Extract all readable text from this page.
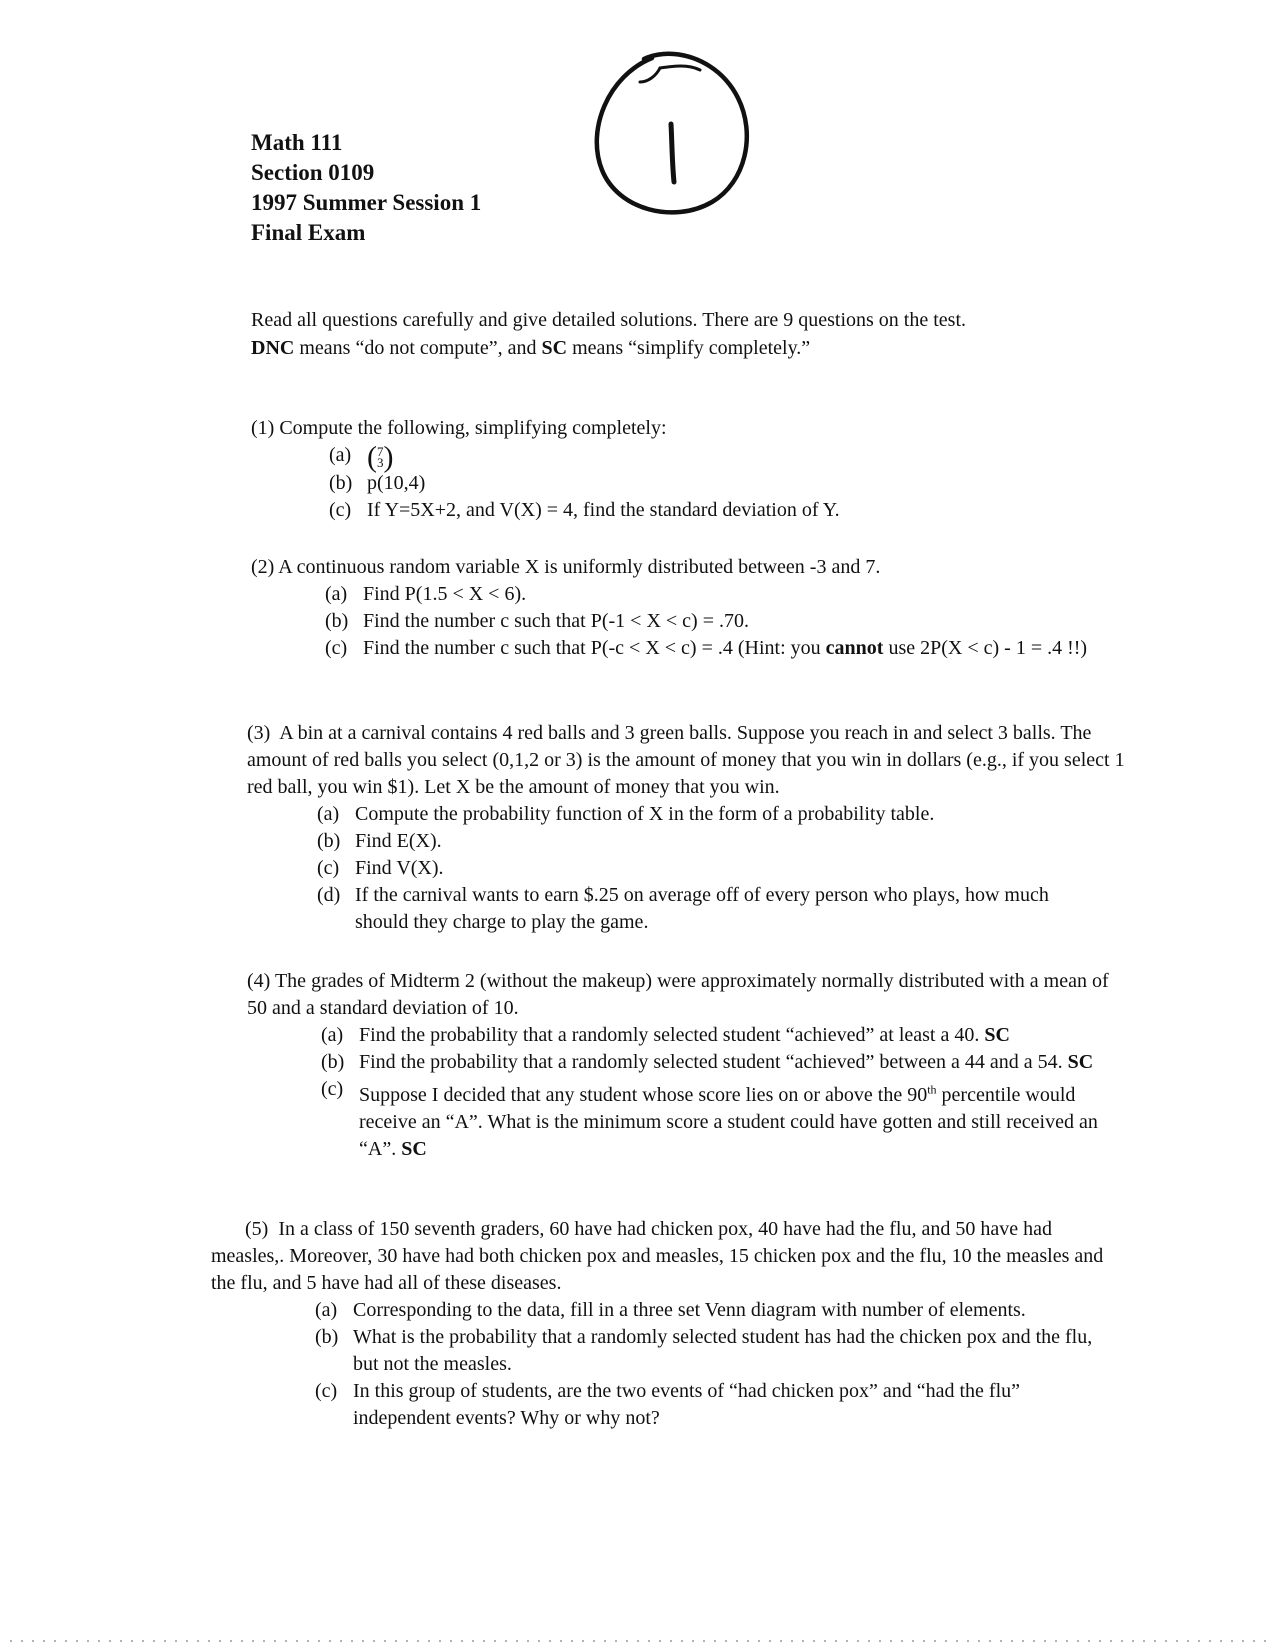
Math 111
Section 0109
1997 Summer Session 1
Final Exam
Read all questions carefully and give detailed solutions. There are 9 questions on the test.
DNC means “do not compute”, and SC means “simplify completely.”
(1) Compute the following, simplifying completely:
(a) (7
3)
(b) p(10,4)
(c) If Y=5X+2, and V(X) = 4, find the standard deviation of Y.
(2) A continuous random variable X is uniformly distributed between -3 and 7.
(a) Find P(1.5 < X < 6).
(b) Find the number c such that P(-1 < X < c) = .70.
(c) Find the number c such that P(-c < X < c) = .4 (Hint: you cannot use 2P(X < c) - 1 = .4 !!)
(3) A bin at a carnival contains 4 red balls and 3 green balls. Suppose you reach in and select 3 balls. The amount of red balls you select (0,1,2 or 3) is the amount of money that you win in dollars (e.g., if you select 1 red ball, you win $1). Let X be the amount of money that you win.
(a) Compute the probability function of X in the form of a probability table.
(b) Find E(X).
(c) Find V(X).
(d) If the carnival wants to earn $.25 on average off of every person who plays, how much should they charge to play the game.
(4) The grades of Midterm 2 (without the makeup) were approximately normally distributed with a mean of 50 and a standard deviation of 10.
(a) Find the probability that a randomly selected student “achieved” at least a 40. SC
(b) Find the probability that a randomly selected student “achieved” between a 44 and a 54. SC
(c) Suppose I decided that any student whose score lies on or above the 90th percentile would receive an “A”. What is the minimum score a student could have gotten and still received an “A”. SC
(5) In a class of 150 seventh graders, 60 have had chicken pox, 40 have had the flu, and 50 have had measles,. Moreover, 30 have had both chicken pox and measles, 15 chicken pox and the flu, 10 the measles and the flu, and 5 have had all of these diseases.
(a) Corresponding to the data, fill in a three set Venn diagram with number of elements.
(b) What is the probability that a randomly selected student has had the chicken pox and the flu, but not the measles.
(c) In this group of students, are the two events of “had chicken pox” and “had the flu” independent events? Why or why not?
